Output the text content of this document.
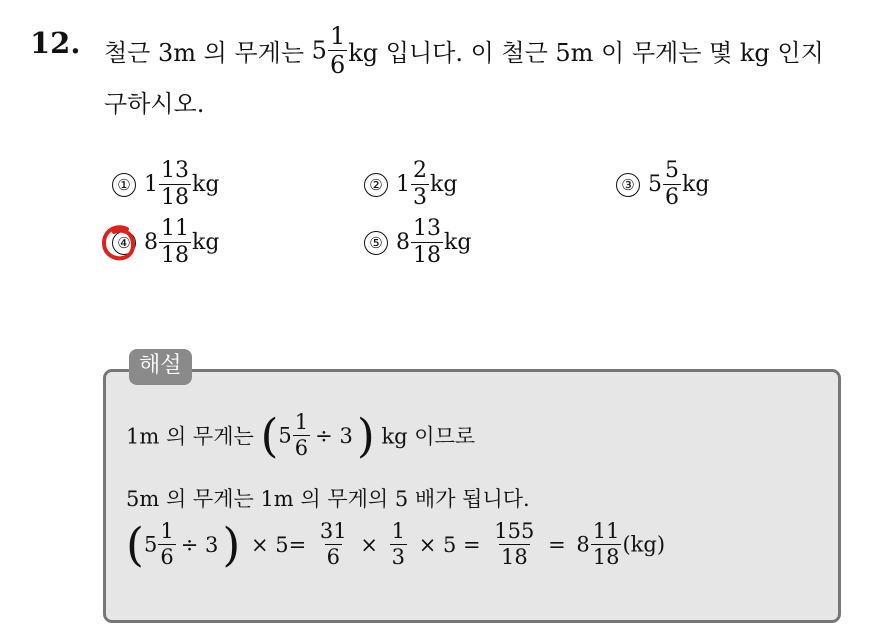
12. 철근 3m 의 무게는 $5 \frac{1}{6}$ kg 입니다. 이 철근 5m 이 무게는 몇 kg 인지
구하시오.
① $1 \frac{13}{18}$ kg	② $1 \frac{2}{3}$ kg	③ $5 \frac{5}{6}$ kg
④ $8 \frac{11}{18}$ kg	⑤ $8 \frac{13}{18}$ kg
해설
1m 의 무게는 $(5 \frac{1}{6} \div 3)$ kg 이므로
5m 의 무게는 1m 의 무게의 5 배가 됩니다.
$(5 \frac{1}{6} \div 3) \times 5= \frac{31}{6} \times \frac{1}{3} \times 5 = \frac{155}{18} = 8 \frac{11}{18} (kg)$
